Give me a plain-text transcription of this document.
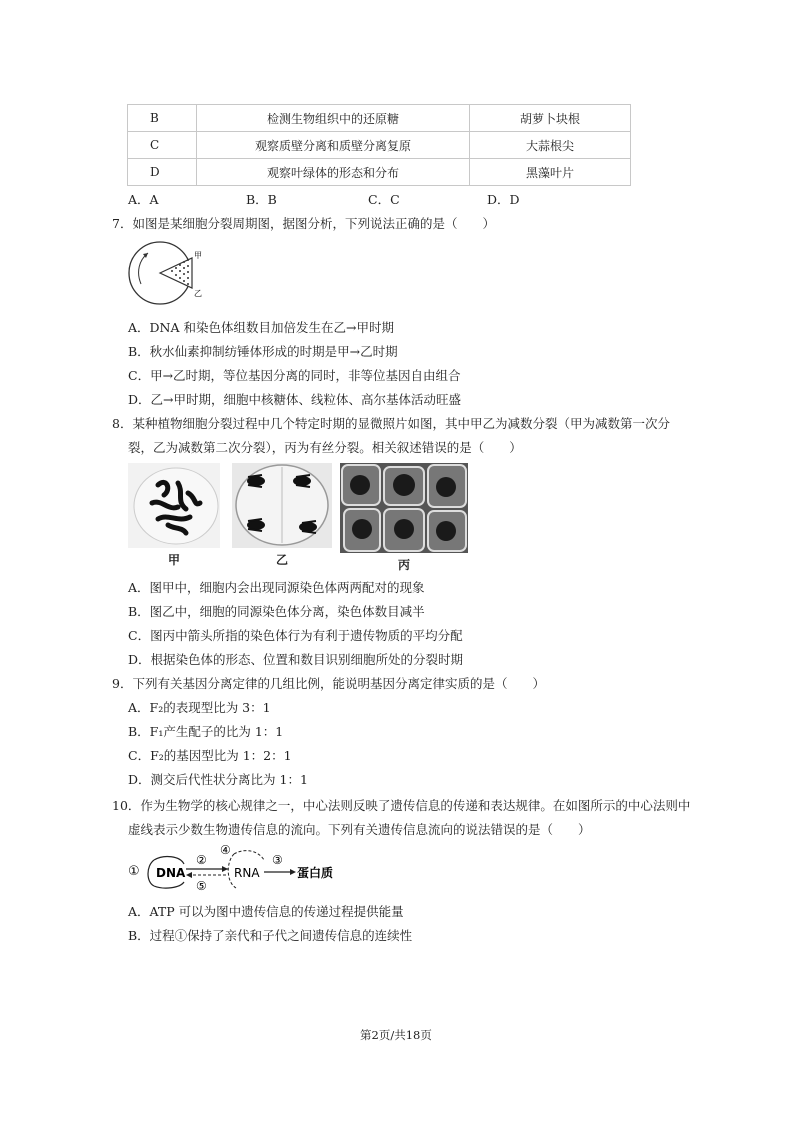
B	检测生物组织中的还原糖	胡萝卜块根
C	观察质壁分离和质壁分离复原	大蒜根尖
D	观察叶绿体的形态和分布	黑藻叶片
A．A	B．B	C．C	D．D
7．如图是某细胞分裂周期图，据图分析，下列说法正确的是（　　）
甲
乙
A．DNA 和染色体组数目加倍发生在乙→甲时期
B．秋水仙素抑制纺锤体形成的时期是甲→乙时期
C．甲→乙时期，等位基因分离的同时，非等位基因自由组合
D．乙→甲时期，细胞中核糖体、线粒体、高尔基体活动旺盛
8．某种植物细胞分裂过程中几个特定时期的显微照片如图，其中甲乙为减数分裂（甲为减数第一次分
裂，乙为减数第二次分裂），丙为有丝分裂。相关叙述错误的是（　　）
甲	乙	丙
A．图甲中，细胞内会出现同源染色体两两配对的现象
B．图乙中，细胞的同源染色体分离，染色体数目减半
C．图丙中箭头所指的染色体行为有利于遗传物质的平均分配
D．根据染色体的形态、位置和数目识别细胞所处的分裂时期
9．下列有关基因分离定律的几组比例，能说明基因分离定律实质的是（　　）
A．F₂的表现型比为 3：1
B．F₁产生配子的比为 1：1
C．F₂的基因型比为 1：2：1
D．测交后代性状分离比为 1：1
10．作为生物学的核心规律之一，中心法则反映了遗传信息的传递和表达规律。在如图所示的中心法则中
虚线表示少数生物遗传信息的流向。下列有关遗传信息流向的说法错误的是（　　）
① DNA
②
⑤
④
RNA
③
蛋白质
A．ATP 可以为图中遗传信息的传递过程提供能量
B．过程①保持了亲代和子代之间遗传信息的连续性
第2页/共18页
